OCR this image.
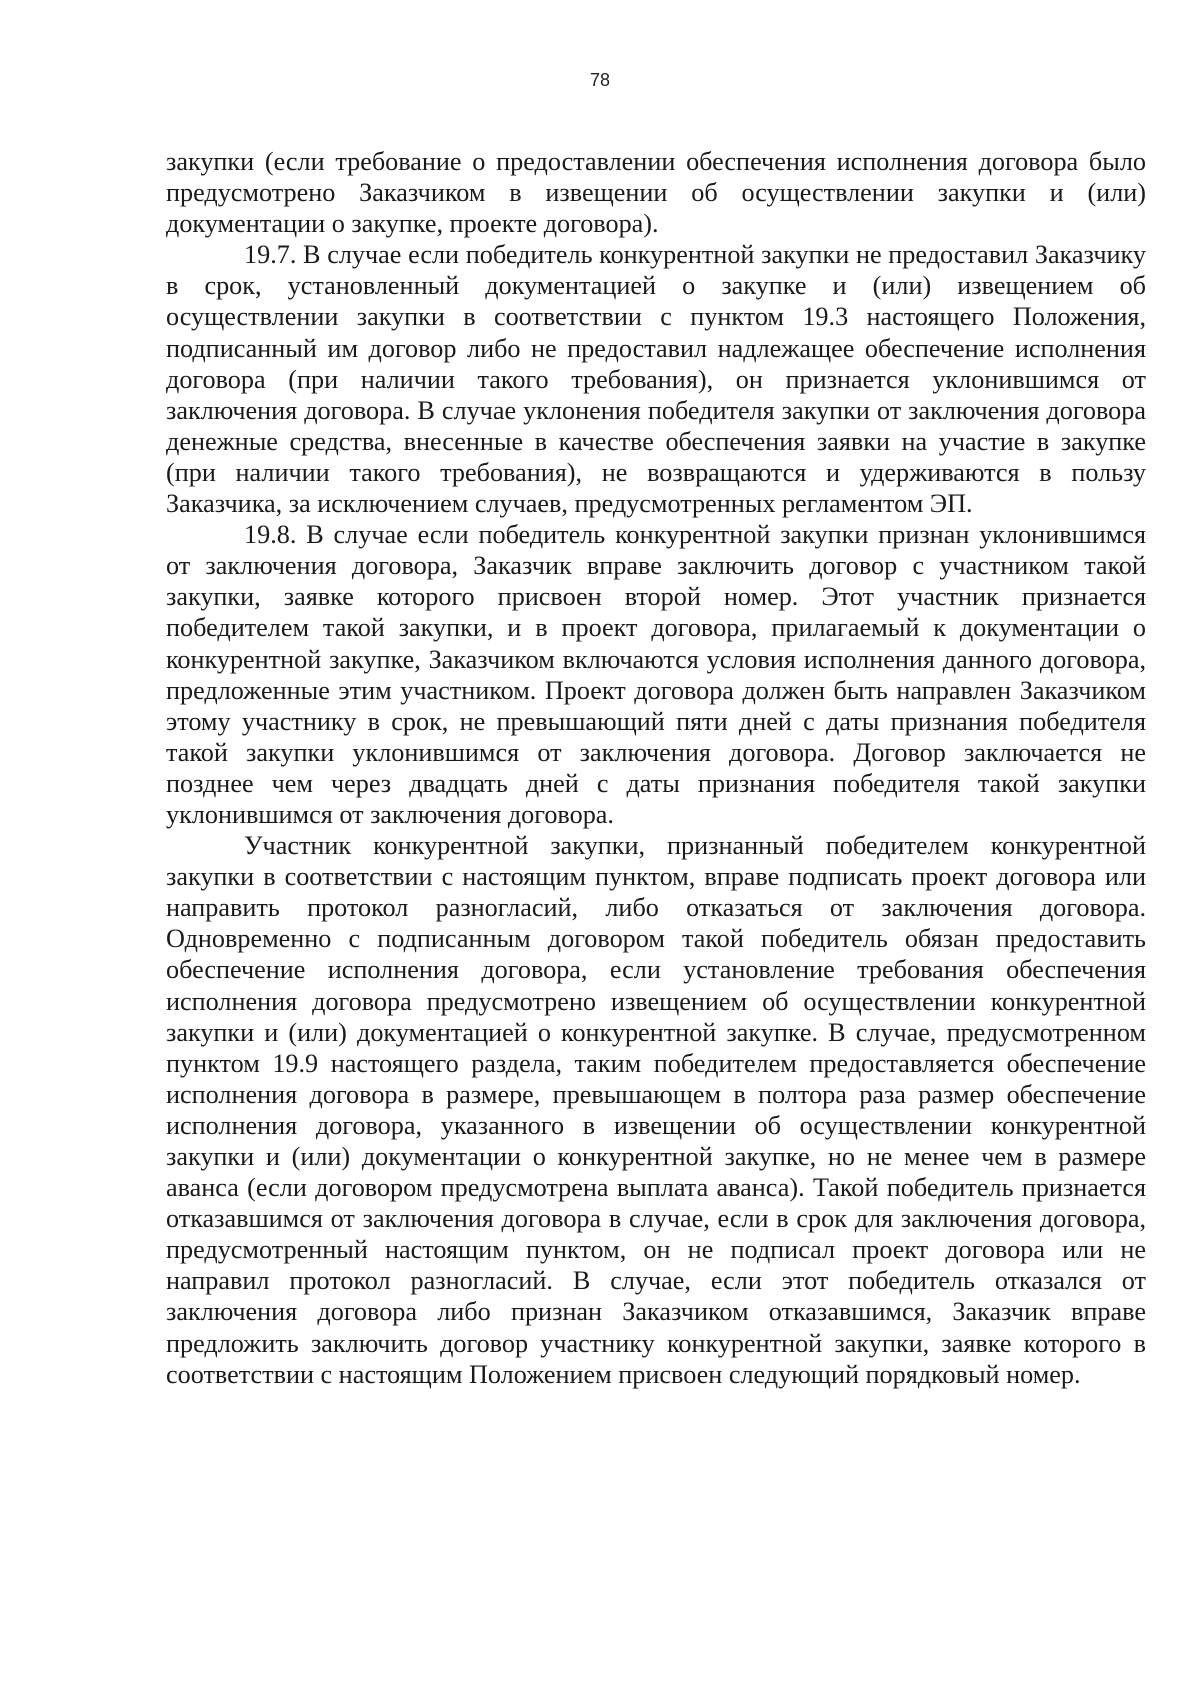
78

закупки (если требование о предоставлении обеспечения исполнения договора было предусмотрено Заказчиком в извещении об осуществлении закупки и (или) документации о закупке, проекте договора).

19.7. В случае если победитель конкурентной закупки не предоставил Заказчику в срок, установленный документацией о закупке и (или) извещением об осуществлении закупки в соответствии с пунктом 19.3 настоящего Положения, подписанный им договор либо не предоставил надлежащее обеспечение исполнения договора (при наличии такого требования), он признается уклонившимся от заключения договора. В случае уклонения победителя закупки от заключения договора денежные средства, внесенные в качестве обеспечения заявки на участие в закупке (при наличии такого требования), не возвращаются и удерживаются в пользу Заказчика, за исключением случаев, предусмотренных регламентом ЭП.

19.8. В случае если победитель конкурентной закупки признан уклонившимся от заключения договора, Заказчик вправе заключить договор с участником такой закупки, заявке которого присвоен второй номер. Этот участник признается победителем такой закупки, и в проект договора, прилагаемый к документации о конкурентной закупке, Заказчиком включаются условия исполнения данного договора, предложенные этим участником. Проект договора должен быть направлен Заказчиком этому участнику в срок, не превышающий пяти дней с даты признания победителя такой закупки уклонившимся от заключения договора. Договор заключается не позднее чем через двадцать дней с даты признания победителя такой закупки уклонившимся от заключения договора.

Участник конкурентной закупки, признанный победителем конкурентной закупки в соответствии с настоящим пунктом, вправе подписать проект договора или направить протокол разногласий, либо отказаться от заключения договора. Одновременно с подписанным договором такой победитель обязан предоставить обеспечение исполнения договора, если установление требования обеспечения исполнения договора предусмотрено извещением об осуществлении конкурентной закупки и (или) документацией о конкурентной закупке. В случае, предусмотренном пунктом 19.9 настоящего раздела, таким победителем предоставляется обеспечение исполнения договора в размере, превышающем в полтора раза размер обеспечение исполнения договора, указанного в извещении об осуществлении конкурентной закупки и (или) документации о конкурентной закупке, но не менее чем в размере аванса (если договором предусмотрена выплата аванса). Такой победитель признается отказавшимся от заключения договора в случае, если в срок для заключения договора, предусмотренный настоящим пунктом, он не подписал проект договора или не направил протокол разногласий. В случае, если этот победитель отказался от заключения договора либо признан Заказчиком отказавшимся, Заказчик вправе предложить заключить договор участнику конкурентной закупки, заявке которого в соответствии с настоящим Положением присвоен следующий порядковый номер.
